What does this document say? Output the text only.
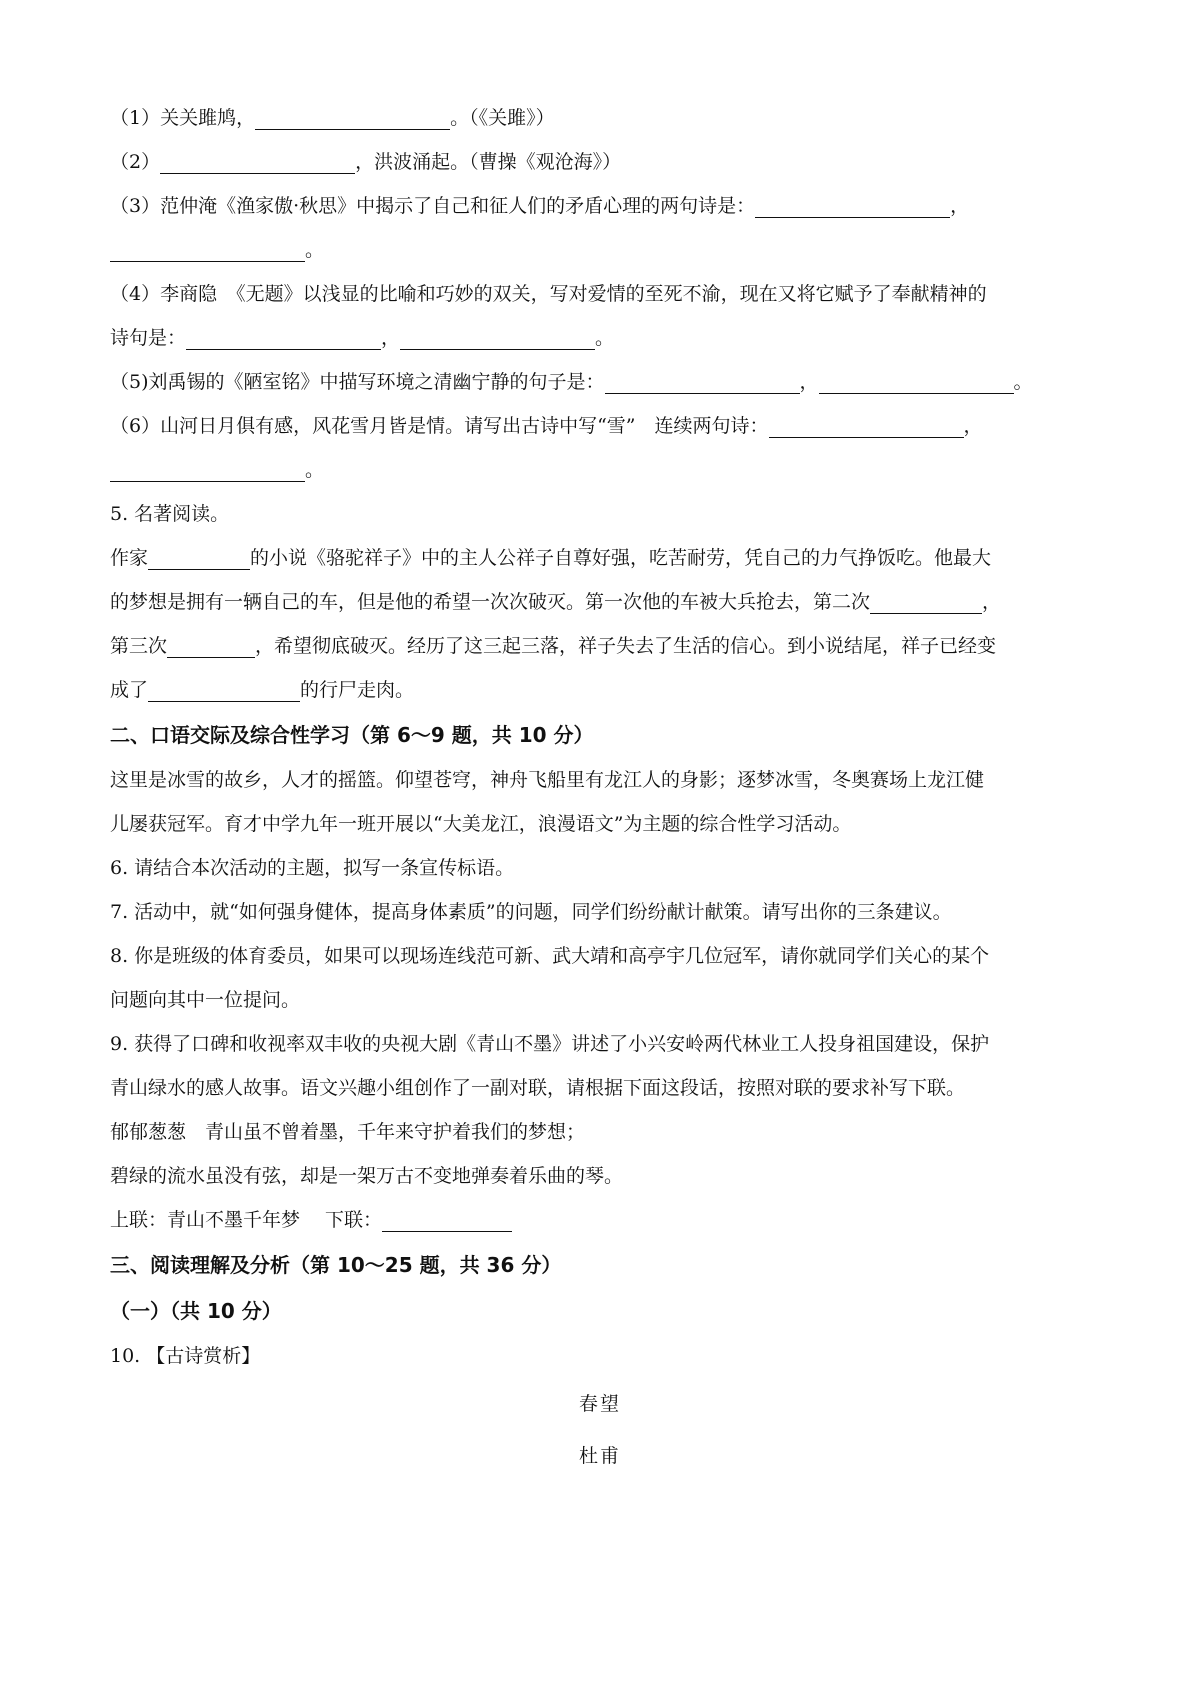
（1）关关雎鸠，	。（《关雎》）
（2）	，洪波涌起。（曹操《观沧海》）
（3）范仲淹《渔家傲·秋思》中揭示了自己和征人们的矛盾心理的两句诗是：	，
。
（4）李商隐　《无题》以浅显的比喻和巧妙的双关，写对爱情的至死不渝，现在又将它赋予了奉献精神的
诗句是：	，	。
（5)刘禹锡的《陋室铭》中描写环境之清幽宁静的句子是：	，	。
（6）山河日月俱有感，风花雪月皆是情。请写出古诗中写“雪”　连续两句诗：	，
。
5. 名著阅读。
作家	的小说《骆驼祥子》中的主人公祥子自尊好强，吃苦耐劳，凭自己的力气挣饭吃。他最大
的梦想是拥有一辆自己的车，但是他的希望一次次破灭。第一次他的车被大兵抢去，第二次	，
第三次	，希望彻底破灭。经历了这三起三落，祥子失去了生活的信心。到小说结尾，祥子已经变
成了	的行尸走肉。
二、口语交际及综合性学习（第 6～9 题，共 10 分）
这里是冰雪的故乡，人才的摇篮。仰望苍穹，神舟飞船里有龙江人的身影；逐梦冰雪，冬奥赛场上龙江健
儿屡获冠军。育才中学九年一班开展以“大美龙江，浪漫语文”为主题的综合性学习活动。
6. 请结合本次活动的主题，拟写一条宣传标语。
7. 活动中，就“如何强身健体，提高身体素质”的问题，同学们纷纷献计献策。请写出你的三条建议。
8. 你是班级的体育委员，如果可以现场连线范可新、武大靖和高亭宇几位冠军，请你就同学们关心的某个
问题向其中一位提问。
9. 获得了口碑和收视率双丰收的央视大剧《青山不墨》讲述了小兴安岭两代林业工人投身祖国建设，保护
青山绿水的感人故事。语文兴趣小组创作了一副对联，请根据下面这段话，按照对联的要求补写下联。
郁郁葱葱　青山虽不曾着墨，千年来守护着我们的梦想；
碧绿的流水虽没有弦，却是一架万古不变地弹奏着乐曲的琴。
上联：青山不墨千年梦　 下联：
三、阅读理解及分析（第 10～25 题，共 36 分）
（一）（共 10 分）
10. 【古诗赏析】
春望
杜甫
